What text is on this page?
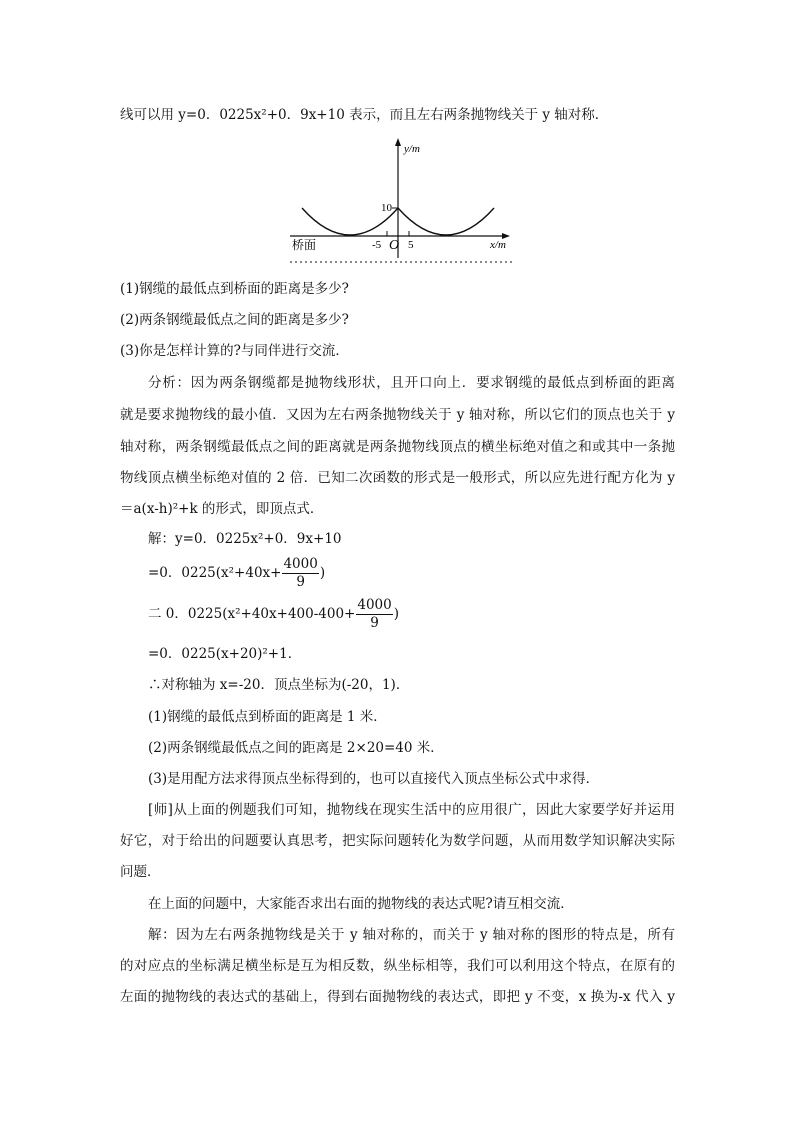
线可以用 y=0．0225x²+0．9x+10 表示，而且左右两条抛物线关于 y 轴对称．
y/m
x/m
桥面
10
-5 O 5
(1)钢缆的最低点到桥面的距离是多少?
(2)两条钢缆最低点之间的距离是多少?
(3)你是怎样计算的?与同伴进行交流．
分析：因为两条钢缆都是抛物线形状，且开口向上．要求钢缆的最低点到桥面的距离
就是要求抛物线的最小值．又因为左右两条抛物线关于 y 轴对称，所以它们的顶点也关于 y
轴对称，两条钢缆最低点之间的距离就是两条抛物线顶点的横坐标绝对值之和或其中一条抛
物线顶点横坐标绝对值的 2 倍．已知二次函数的形式是一般形式，所以应先进行配方化为 y
＝a(x-h)²+k 的形式，即顶点式．
解：y=0．0225x²+0．9x+10
=0．$0225(x^2+40x+ \frac{4000}{9}$ )
二 0．$0225(x^2+40x+400-400+ \frac{4000}{9}$ )
=0．0225(x+20)²+1．
∴对称轴为 x=-20．顶点坐标为(-20，1)．
(1)钢缆的最低点到桥面的距离是 1 米．
(2)两条钢缆最低点之间的距离是 2×20=40 米．
(3)是用配方法求得顶点坐标得到的，也可以直接代入顶点坐标公式中求得．
[师]从上面的例题我们可知，抛物线在现实生活中的应用很广，因此大家要学好并运用
好它，对于给出的问题要认真思考，把实际问题转化为数学问题，从而用数学知识解决实际
问题．
在上面的问题中，大家能否求出右面的抛物线的表达式呢?请互相交流．
解：因为左右两条抛物线是关于 y 轴对称的，而关于 y 轴对称的图形的特点是，所有
的对应点的坐标满足横坐标是互为相反数，纵坐标相等，我们可以利用这个特点，在原有的
左面的抛物线的表达式的基础上，得到右面抛物线的表达式，即把 y 不变，x 换为-x 代入 y
